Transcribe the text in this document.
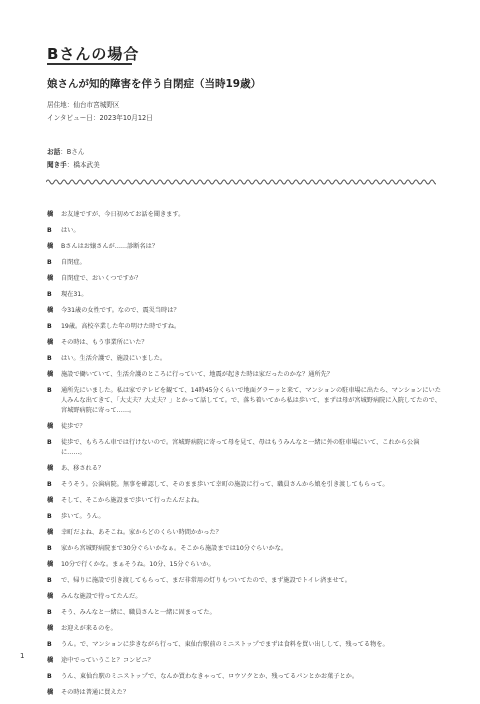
Bさんの場合
娘さんが知的障害を伴う自閉症（当時19歳）
居住地：仙台市宮城野区
インタビュー日：2023年10月12日
お話：Bさん
聞き手：橋本武美
橋	お友達ですが、今日初めてお話を聞きます。
B	はい。
橋	Bさんはお嬢さんが……診断名は？
B	自閉症。
橋	自閉症で、おいくつですか？
B	現在31。
橋	今31歳の女性です。なので、震災当時は？
B	19歳。高校卒業した年の明けた時ですね。
橋	その時は、もう事業所にいた？
B	はい。生活介護で、施設にいました。
橋	施設で働いていて、生活介護のところに行っていて、地震が起きた時は家だったのかな？通所先？
B	通所先にいました。私は家でテレビを観てて、14時45分くらいで地面グラーッと来て、マンションの駐車場に出たら、マンションにいた人みんな出てきて、「大丈夫？大丈夫？」とかって話してて。で、落ち着いてから私は歩いて、まずは母が宮城野病院に入院してたので、宮城野病院に寄って……。
橋	徒歩で？
B	徒歩で、もちろん車では行けないので。宮城野病院に寄って母を見て、母はもうみんなと一緒に外の駐車場にいて、これから公演に……。
橋	あ、移される？
B	そうそう。公演病院。無事を確認して、そのまま歩いて幸町の施設に行って、職員さんから娘を引き渡してもらって。
橋	そして、そこから施設まで歩いて行ったんだよね。
B	歩いて。うん。
橋	幸町だよね、あそこね。家からどのくらい時間かかった？
B	家から宮城野病院まで30分ぐらいかなぁ。そこから施設までは10分ぐらいかな。
橋	10分で行くかな。まぁそうね。10分、15分ぐらいか。
B	で、帰りに施設で引き渡してもらって、まだ非常用の灯りもついてたので、まず施設でトイレ済ませて。
橋	みんな施設で待ってたんだ。
B	そう、みんなと一緒に、職員さんと一緒に固まってた。
橋	お迎えが来るのを。
B	うん。で、マンションに歩きながら行って、東仙台駅前のミニストップでまずは食料を買い出しして、残ってる物を。
橋	途中でっていうこと？コンビニ？
B	うん、東仙台駅のミニストップで、なんか買わなきゃって、ロウソクとか、残ってるパンとかお菓子とか。
橋	その時は普通に買えた？
1
